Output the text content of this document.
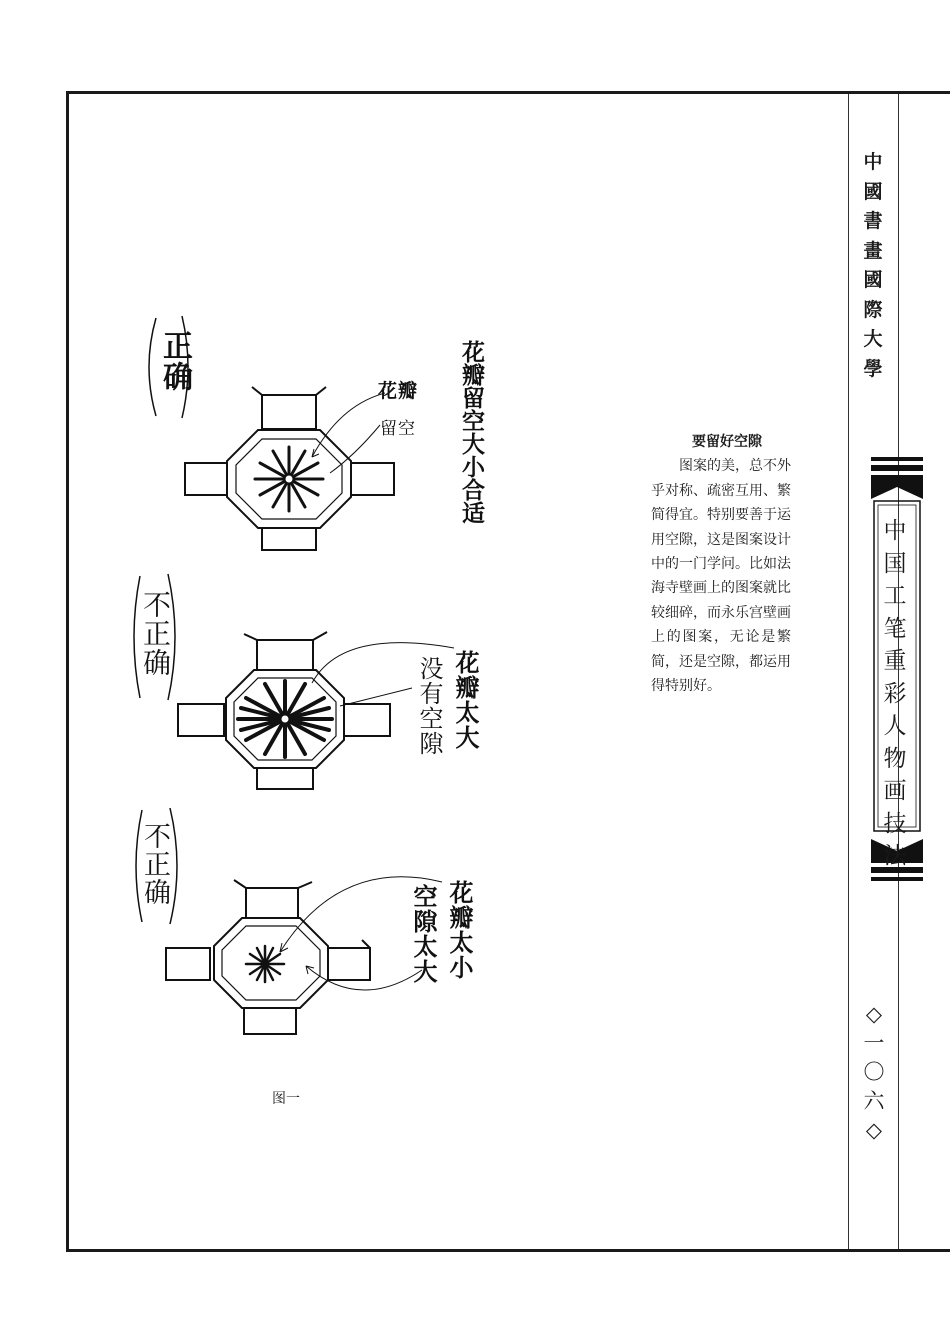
中國書畫國際大學
中国工笔重彩人物画技法
◇一〇六◇
要留好空隙

图案的美，总不外乎对称、疏密互用、繁简得宜。特别要善于运用空隙，这是图案设计中的一门学问。比如法海寺壁画上的图案就比较细碎，而永乐宫壁画上的图案，无论是繁简，还是空隙，都运用得特别好。

正确	花瓣留空大小合适
花瓣
留空
不正确
花瓣太大
没有空隙
不正确
花瓣太小
空隙太大
图一
